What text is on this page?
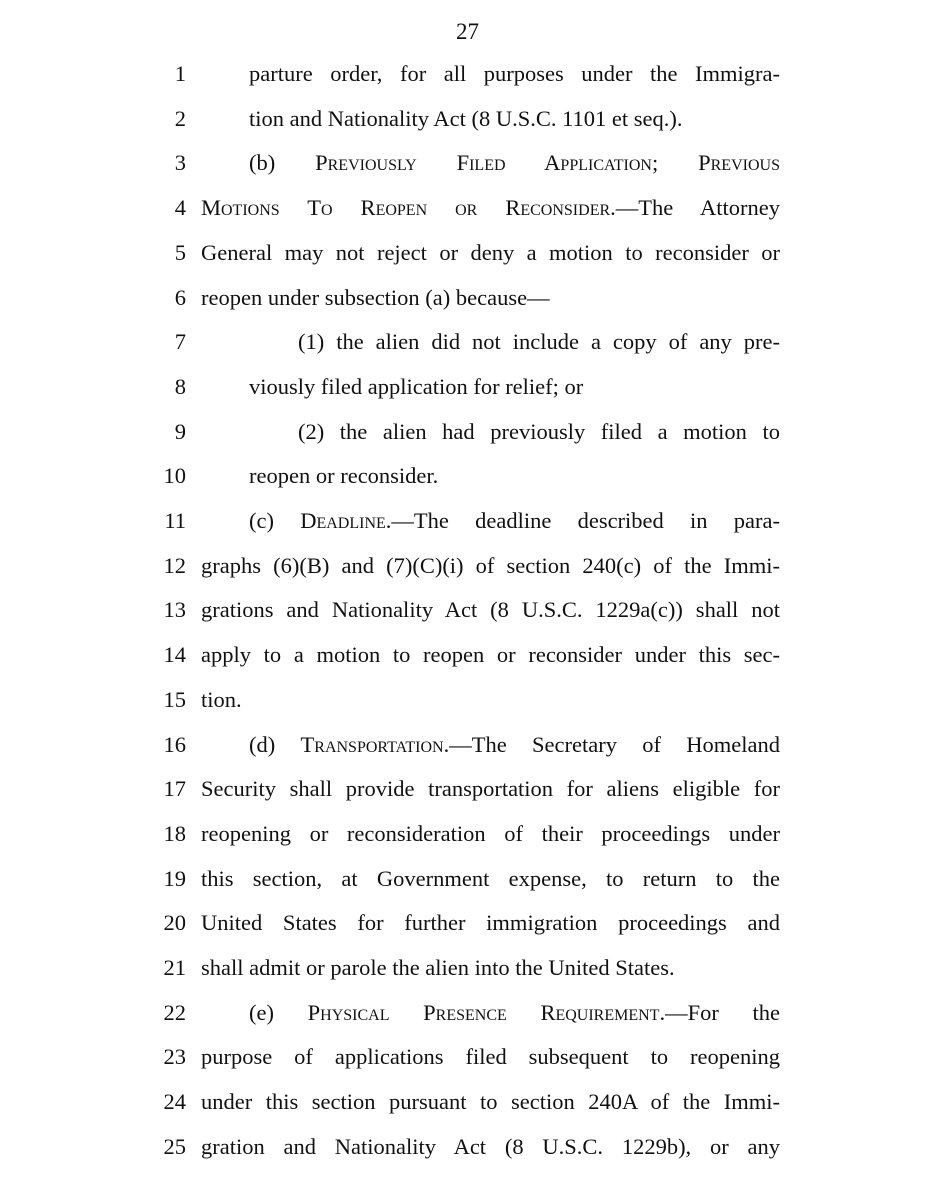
27
1	parture order, for all purposes under the Immigra-
2	tion and Nationality Act (8 U.S.C. 1101 et seq.).
3	(b) Previously Filed Application; Previous
4 Motions To Reopen or Reconsider.—The Attorney
5 General may not reject or deny a motion to reconsider or
6 reopen under subsection (a) because—
7	(1) the alien did not include a copy of any pre-
8	viously filed application for relief; or
9	(2) the alien had previously filed a motion to
10	reopen or reconsider.
11	(c) Deadline.—The deadline described in para-
12 graphs (6)(B) and (7)(C)(i) of section 240(c) of the Immi-
13 grations and Nationality Act (8 U.S.C. 1229a(c)) shall not
14 apply to a motion to reopen or reconsider under this sec-
15 tion.
16	(d) Transportation.—The Secretary of Homeland
17 Security shall provide transportation for aliens eligible for
18 reopening or reconsideration of their proceedings under
19 this section, at Government expense, to return to the
20 United States for further immigration proceedings and
21 shall admit or parole the alien into the United States.
22	(e) Physical Presence Requirement.—For the
23 purpose of applications filed subsequent to reopening
24 under this section pursuant to section 240A of the Immi-
25 gration and Nationality Act (8 U.S.C. 1229b), or any
